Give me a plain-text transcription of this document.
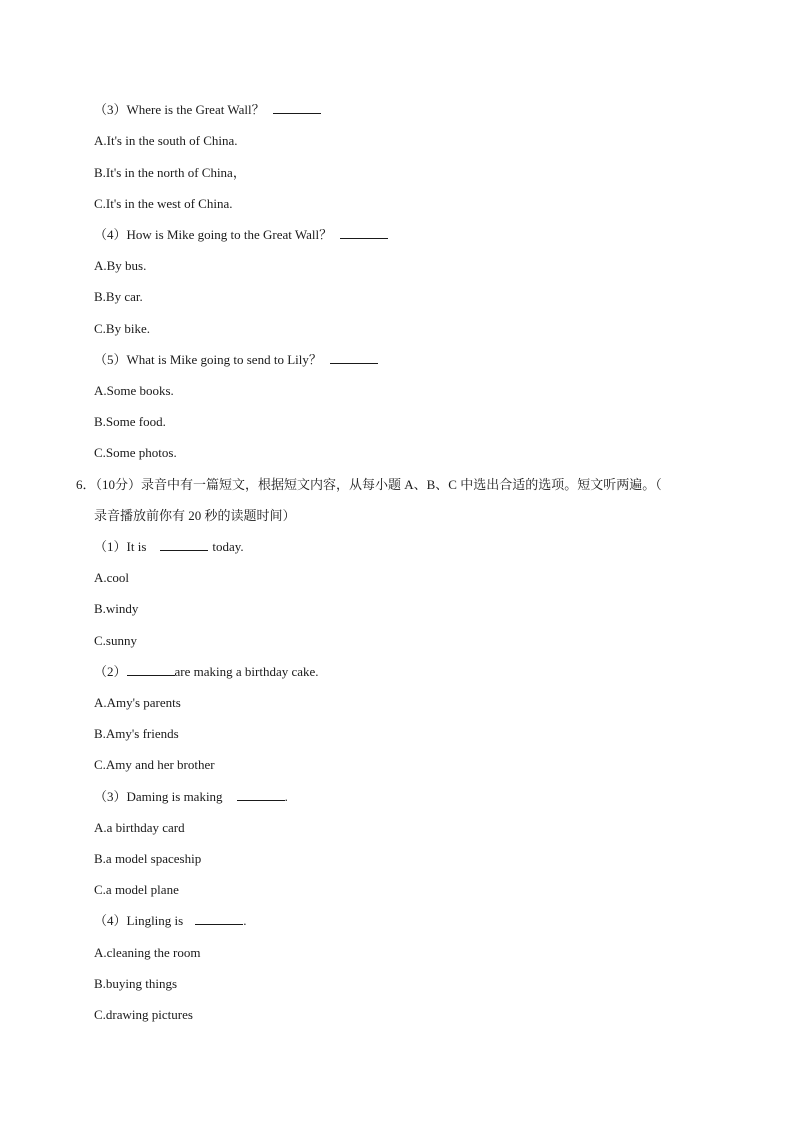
（3）Where is the Great Wall？
A.It's in the south of China.
B.It's in the north of China，
C.It's in the west of China.
（4）How is Mike going to the Great Wall？
A.By bus.
B.By car.
C.By bike.
（5）What is Mike going to send to Lily？
A.Some books.
B.Some food.
C.Some photos.
6．（10分）录音中有一篇短文，根据短文内容，从每小题 A、B、C 中选出合适的选项。短文听两遍。（
录音播放前你有 20 秒的读题时间）
（1）It is	today.
A.cool
B.windy
C.sunny
（2）	are making a birthday cake.
A.Amy's parents
B.Amy's friends
C.Amy and her brother
（3）Daming is making	.
A.a birthday card
B.a model spaceship
C.a model plane
（4）Lingling is	.
A.cleaning the room
B.buying things
C.drawing pictures
